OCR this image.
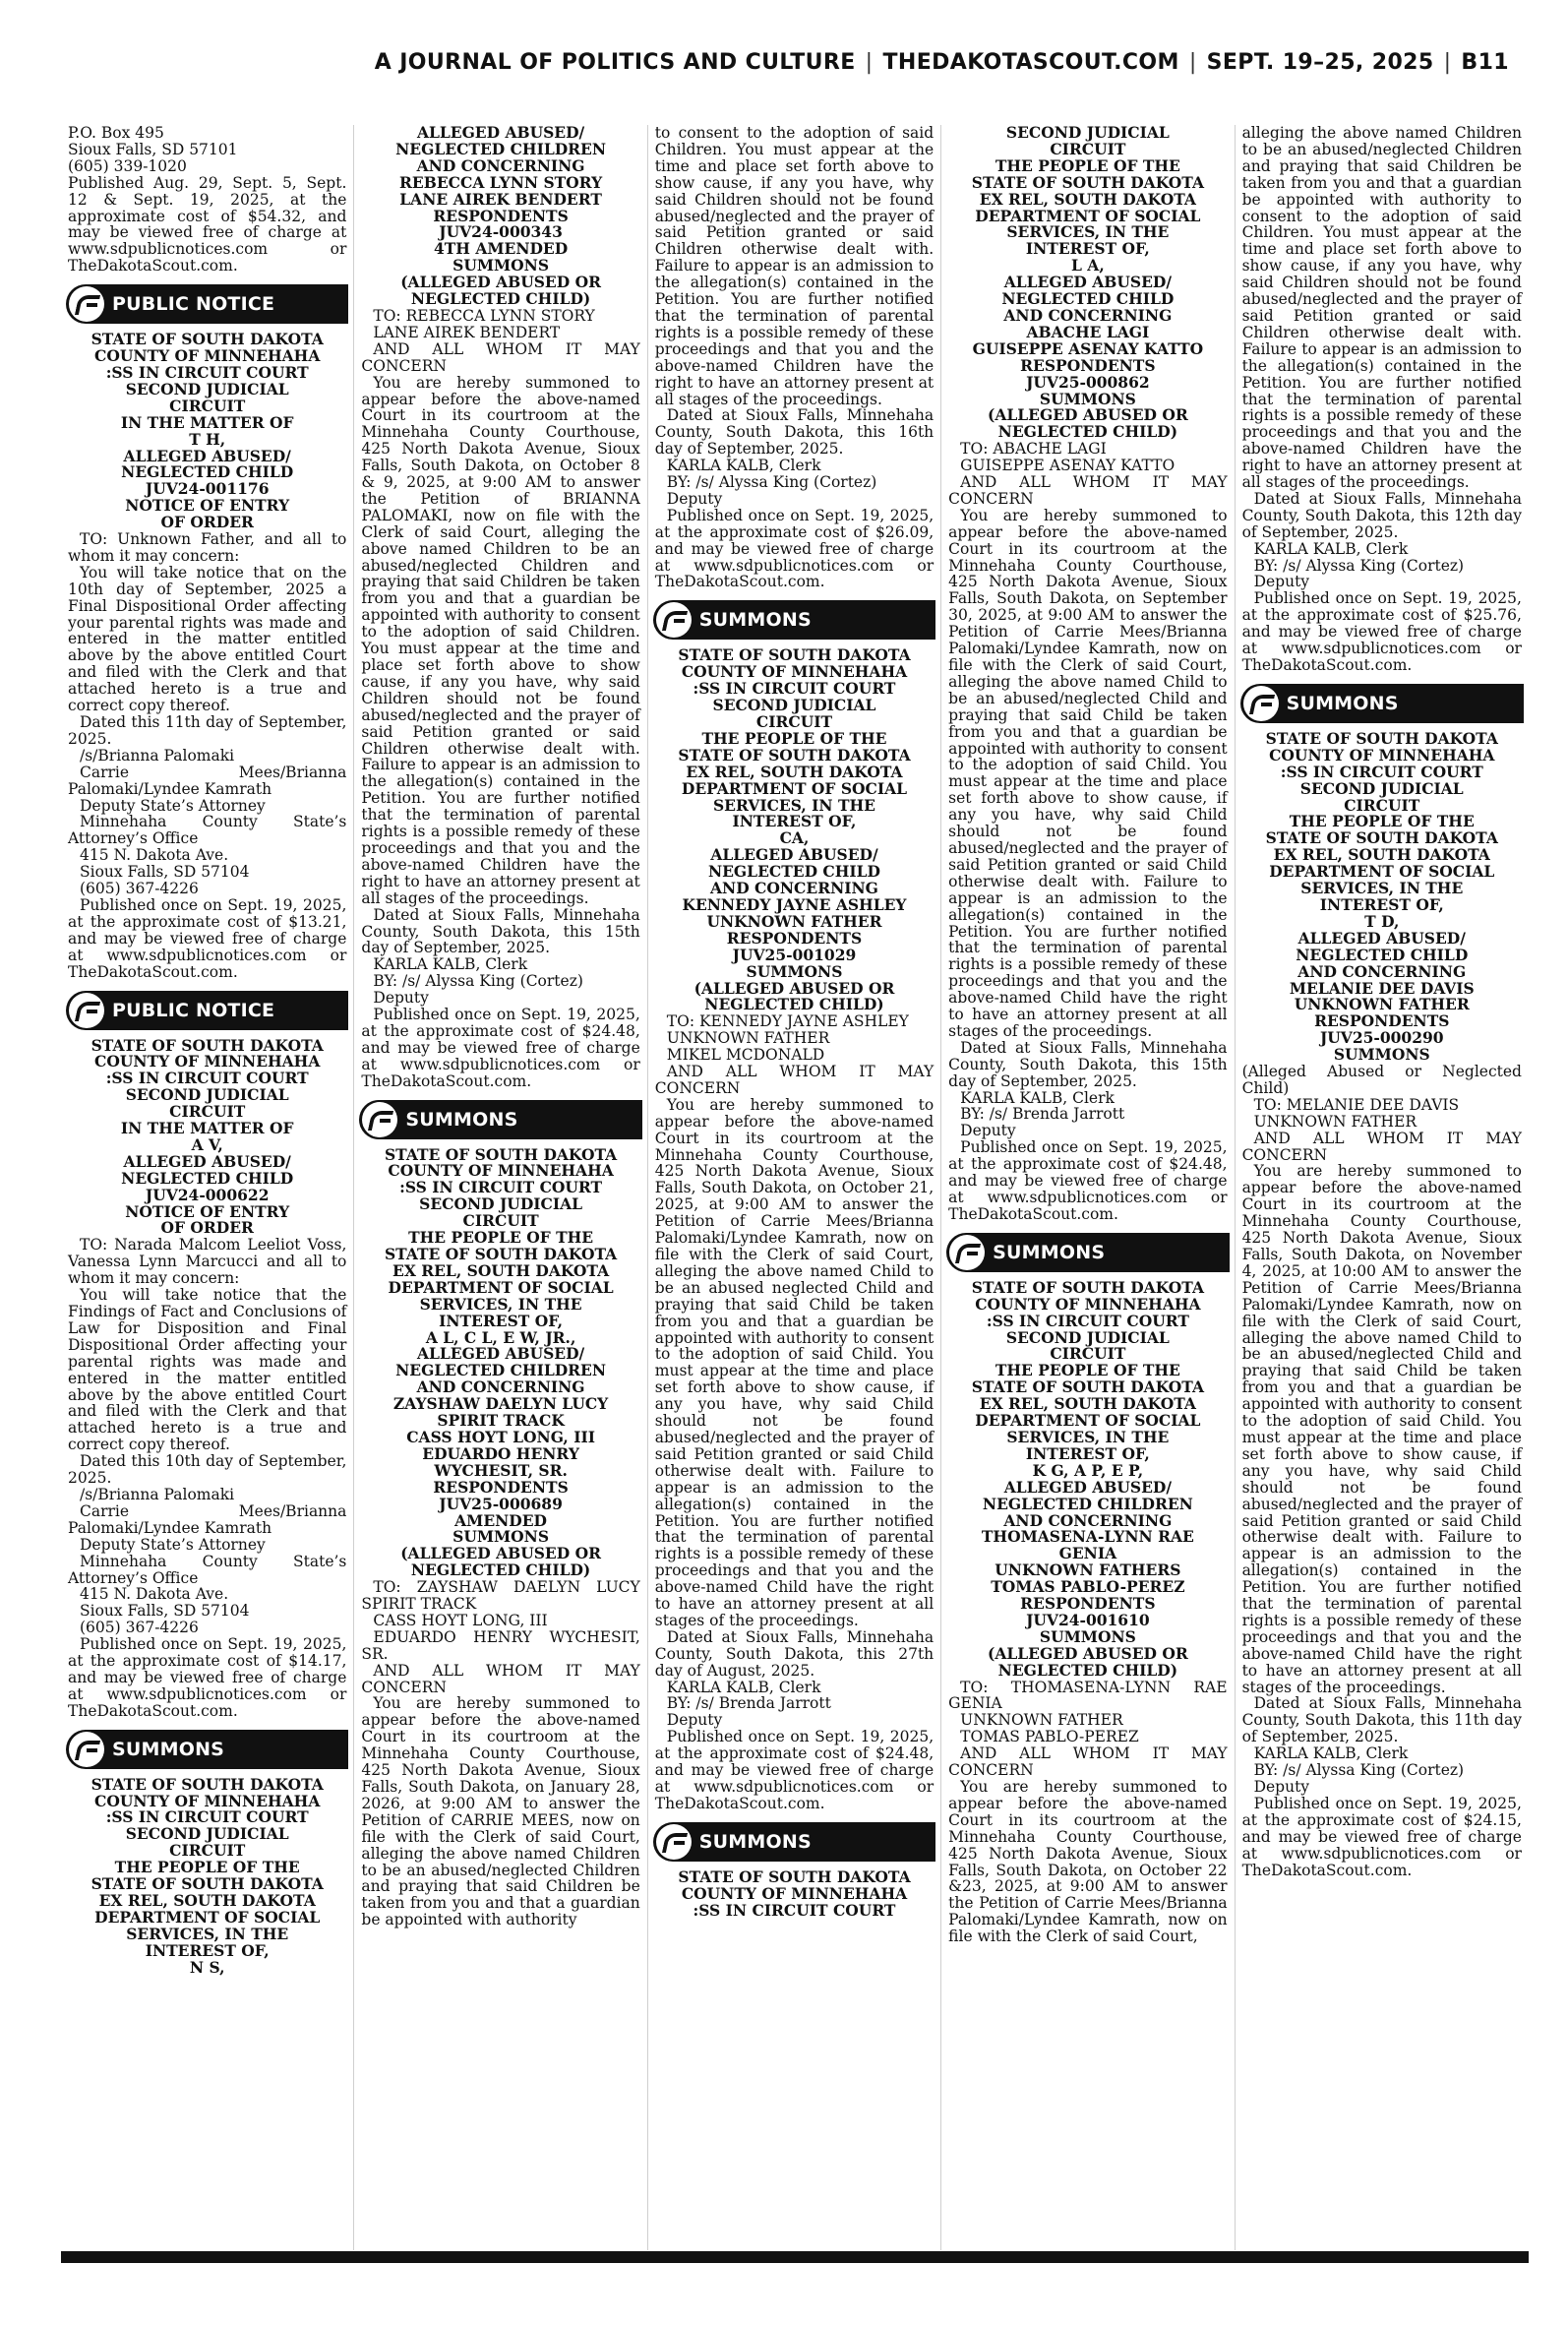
A JOURNAL OF POLITICS AND CULTURE | THEDAKOTASCOUT.COM | SEPT. 19–25, 2025 | B11
P.O. Box 495
Sioux Falls, SD 57101
(605) 339-1020
Published Aug. 29, Sept. 5, Sept. 12 & Sept. 19, 2025, at the approximate cost of $54.32, and may be viewed free of charge at www.sdpublicnotices.com or TheDakotaScout.com.
PUBLIC NOTICE
STATE OF SOUTH DAKOTA
COUNTY OF MINNEHAHA
:SS IN CIRCUIT COURT
SECOND JUDICIAL
CIRCUIT
IN THE MATTER OF
T H,
ALLEGED ABUSED/
NEGLECTED CHILD
JUV24-001176
NOTICE OF ENTRY
OF ORDER
TO: Unknown Father, and all to whom it may concern:
You will take notice that on the 10th day of September, 2025 a Final Dispositional Order affecting your parental rights was made and entered in the matter entitled above by the above entitled Court and filed with the Clerk and that attached hereto is a true and correct copy thereof.
Dated this 11th day of September, 2025.
/s/Brianna Palomaki
Carrie Mees/Brianna Palomaki/Lyndee Kamrath
Deputy State’s Attorney
Minnehaha County State’s Attorney’s Office
415 N. Dakota Ave.
Sioux Falls, SD 57104
(605) 367-4226
Published once on Sept. 19, 2025, at the approximate cost of $13.21, and may be viewed free of charge at www.sdpublicnotices.com or TheDakotaScout.com.
PUBLIC NOTICE
STATE OF SOUTH DAKOTA
COUNTY OF MINNEHAHA
:SS IN CIRCUIT COURT
SECOND JUDICIAL
CIRCUIT
IN THE MATTER OF
A V,
ALLEGED ABUSED/
NEGLECTED CHILD
JUV24-000622
NOTICE OF ENTRY
OF ORDER
TO: Narada Malcom Leeliot Voss, Vanessa Lynn Marcucci and all to whom it may concern:
You will take notice that the Findings of Fact and Conclusions of Law for Disposition and Final Dispositional Order affecting your parental rights was made and entered in the matter entitled above by the above entitled Court and filed with the Clerk and that attached hereto is a true and correct copy thereof.
Dated this 10th day of September, 2025.
/s/Brianna Palomaki
Carrie Mees/Brianna Palomaki/Lyndee Kamrath
Deputy State’s Attorney
Minnehaha County State’s Attorney’s Office
415 N. Dakota Ave.
Sioux Falls, SD 57104
(605) 367-4226
Published once on Sept. 19, 2025, at the approximate cost of $14.17, and may be viewed free of charge at www.sdpublicnotices.com or TheDakotaScout.com.
SUMMONS
STATE OF SOUTH DAKOTA
COUNTY OF MINNEHAHA
:SS IN CIRCUIT COURT
SECOND JUDICIAL
CIRCUIT
THE PEOPLE OF THE
STATE OF SOUTH DAKOTA
EX REL, SOUTH DAKOTA
DEPARTMENT OF SOCIAL
SERVICES, IN THE
INTEREST OF,
N S,
ALLEGED ABUSED/
NEGLECTED CHILDREN
AND CONCERNING
REBECCA LYNN STORY
LANE AIREK BENDERT
RESPONDENTS
JUV24-000343
4TH AMENDED
SUMMONS
(ALLEGED ABUSED OR
NEGLECTED CHILD)
TO: REBECCA LYNN STORY
LANE AIREK BENDERT
AND ALL WHOM IT MAY CONCERN
You are hereby summoned to appear before the above-named Court in its courtroom at the Minnehaha County Courthouse, 425 North Dakota Avenue, Sioux Falls, South Dakota, on October 8 & 9, 2025, at 9:00 AM to answer the Petition of BRIANNA PALOMAKI, now on file with the Clerk of said Court, alleging the above named Children to be an abused/neglected Children and praying that said Children be taken from you and that a guardian be appointed with authority to consent to the adoption of said Children. You must appear at the time and place set forth above to show cause, if any you have, why said Children should not be found abused/neglected and the prayer of said Petition granted or said Children otherwise dealt with. Failure to appear is an admission to the allegation(s) contained in the Petition. You are further notified that the termination of parental rights is a possible remedy of these proceedings and that you and the above-named Children have the right to have an attorney present at all stages of the proceedings.
Dated at Sioux Falls, Minnehaha County, South Dakota, this 15th day of September, 2025.
KARLA KALB, Clerk
BY: /s/ Alyssa King (Cortez)
Deputy
Published once on Sept. 19, 2025, at the approximate cost of $24.48, and may be viewed free of charge at www.sdpublicnotices.com or TheDakotaScout.com.
SUMMONS
STATE OF SOUTH DAKOTA
COUNTY OF MINNEHAHA
:SS IN CIRCUIT COURT
SECOND JUDICIAL
CIRCUIT
THE PEOPLE OF THE
STATE OF SOUTH DAKOTA
EX REL, SOUTH DAKOTA
DEPARTMENT OF SOCIAL
SERVICES, IN THE
INTEREST OF,
A L, C L, E W, JR.,
ALLEGED ABUSED/
NEGLECTED CHILDREN
AND CONCERNING
ZAYSHAW DAELYN LUCY
SPIRIT TRACK
CASS HOYT LONG, III
EDUARDO HENRY
WYCHESIT, SR.
RESPONDENTS
JUV25-000689
AMENDED
SUMMONS
(ALLEGED ABUSED OR
NEGLECTED CHILD)
TO: ZAYSHAW DAELYN LUCY SPIRIT TRACK
CASS HOYT LONG, III
EDUARDO HENRY WYCHESIT, SR.
AND ALL WHOM IT MAY CONCERN
You are hereby summoned to appear before the above-named Court in its courtroom at the Minnehaha County Courthouse, 425 North Dakota Avenue, Sioux Falls, South Dakota, on January 28, 2026, at 9:00 AM to answer the Petition of CARRIE MEES, now on file with the Clerk of said Court, alleging the above named Children to be an abused/neglected Children and praying that said Children be taken from you and that a guardian be appointed with authority
to consent to the adoption of said Children. You must appear at the time and place set forth above to show cause, if any you have, why said Children should not be found abused/neglected and the prayer of said Petition granted or said Children otherwise dealt with. Failure to appear is an admission to the allegation(s) contained in the Petition. You are further notified that the termination of parental rights is a possible remedy of these proceedings and that you and the above-named Children have the right to have an attorney present at all stages of the proceedings.
Dated at Sioux Falls, Minnehaha County, South Dakota, this 16th day of September, 2025.
KARLA KALB, Clerk
BY: /s/ Alyssa King (Cortez)
Deputy
Published once on Sept. 19, 2025, at the approximate cost of $26.09, and may be viewed free of charge at www.sdpublicnotices.com or TheDakotaScout.com.
SUMMONS
STATE OF SOUTH DAKOTA
COUNTY OF MINNEHAHA
:SS IN CIRCUIT COURT
SECOND JUDICIAL
CIRCUIT
THE PEOPLE OF THE
STATE OF SOUTH DAKOTA
EX REL, SOUTH DAKOTA
DEPARTMENT OF SOCIAL
SERVICES, IN THE
INTEREST OF,
CA,
ALLEGED ABUSED/
NEGLECTED CHILD
AND CONCERNING
KENNEDY JAYNE ASHLEY
UNKNOWN FATHER
RESPONDENTS
JUV25-001029
SUMMONS
(ALLEGED ABUSED OR
NEGLECTED CHILD)
TO: KENNEDY JAYNE ASHLEY
UNKNOWN FATHER
MIKEL MCDONALD
AND ALL WHOM IT MAY CONCERN
You are hereby summoned to appear before the above-named Court in its courtroom at the Minnehaha County Courthouse, 425 North Dakota Avenue, Sioux Falls, South Dakota, on October 21, 2025, at 9:00 AM to answer the Petition of Carrie Mees/Brianna Palomaki/Lyndee Kamrath, now on file with the Clerk of said Court, alleging the above named Child to be an abused neglected Child and praying that said Child be taken from you and that a guardian be appointed with authority to consent to the adoption of said Child. You must appear at the time and place set forth above to show cause, if any you have, why said Child should not be found abused/neglected and the prayer of said Petition granted or said Child otherwise dealt with. Failure to appear is an admission to the allegation(s) contained in the Petition. You are further notified that the termination of parental rights is a possible remedy of these proceedings and that you and the above-named Child have the right to have an attorney present at all stages of the proceedings.
Dated at Sioux Falls, Minnehaha County, South Dakota, this 27th day of August, 2025.
KARLA KALB, Clerk
BY: /s/ Brenda Jarrott
Deputy
Published once on Sept. 19, 2025, at the approximate cost of $24.48, and may be viewed free of charge at www.sdpublicnotices.com or TheDakotaScout.com.
SUMMONS
STATE OF SOUTH DAKOTA
COUNTY OF MINNEHAHA
:SS IN CIRCUIT COURT
SECOND JUDICIAL
CIRCUIT
THE PEOPLE OF THE
STATE OF SOUTH DAKOTA
EX REL, SOUTH DAKOTA
DEPARTMENT OF SOCIAL
SERVICES, IN THE
INTEREST OF,
L A,
ALLEGED ABUSED/
NEGLECTED CHILD
AND CONCERNING
ABACHE LAGI
GUISEPPE ASENAY KATTO
RESPONDENTS
JUV25-000862
SUMMONS
(ALLEGED ABUSED OR
NEGLECTED CHILD)
TO: ABACHE LAGI
GUISEPPE ASENAY KATTO
AND ALL WHOM IT MAY CONCERN
You are hereby summoned to appear before the above-named Court in its courtroom at the Minnehaha County Courthouse, 425 North Dakota Avenue, Sioux Falls, South Dakota, on September 30, 2025, at 9:00 AM to answer the Petition of Carrie Mees/Brianna Palomaki/Lyndee Kamrath, now on file with the Clerk of said Court, alleging the above named Child to be an abused/neglected Child and praying that said Child be taken from you and that a guardian be appointed with authority to consent to the adoption of said Child. You must appear at the time and place set forth above to show cause, if any you have, why said Child should not be found abused/neglected and the prayer of said Petition granted or said Child otherwise dealt with. Failure to appear is an admission to the allegation(s) contained in the Petition. You are further notified that the termination of parental rights is a possible remedy of these proceedings and that you and the above-named Child have the right to have an attorney present at all stages of the proceedings.
Dated at Sioux Falls, Minnehaha County, South Dakota, this 15th day of September, 2025.
KARLA KALB, Clerk
BY: /s/ Brenda Jarrott
Deputy
Published once on Sept. 19, 2025, at the approximate cost of $24.48, and may be viewed free of charge at www.sdpublicnotices.com or TheDakotaScout.com.
SUMMONS
STATE OF SOUTH DAKOTA
COUNTY OF MINNEHAHA
:SS IN CIRCUIT COURT
SECOND JUDICIAL
CIRCUIT
THE PEOPLE OF THE
STATE OF SOUTH DAKOTA
EX REL, SOUTH DAKOTA
DEPARTMENT OF SOCIAL
SERVICES, IN THE
INTEREST OF,
K G, A P, E P,
ALLEGED ABUSED/
NEGLECTED CHILDREN
AND CONCERNING
THOMASENA-LYNN RAE
GENIA
UNKNOWN FATHERS
TOMAS PABLO-PEREZ
RESPONDENTS
JUV24-001610
SUMMONS
(ALLEGED ABUSED OR
NEGLECTED CHILD)
TO: THOMASENA-LYNN RAE GENIA
UNKNOWN FATHER
TOMAS PABLO-PEREZ
AND ALL WHOM IT MAY CONCERN
You are hereby summoned to appear before the above-named Court in its courtroom at the Minnehaha County Courthouse, 425 North Dakota Avenue, Sioux Falls, South Dakota, on October 22 &23, 2025, at 9:00 AM to answer the Petition of Carrie Mees/Brianna Palomaki/Lyndee Kamrath, now on file with the Clerk of said Court,
alleging the above named Children to be an abused/neglected Children and praying that said Children be taken from you and that a guardian be appointed with authority to consent to the adoption of said Children. You must appear at the time and place set forth above to show cause, if any you have, why said Children should not be found abused/neglected and the prayer of said Petition granted or said Children otherwise dealt with. Failure to appear is an admission to the allegation(s) contained in the Petition. You are further notified that the termination of parental rights is a possible remedy of these proceedings and that you and the above-named Children have the right to have an attorney present at all stages of the proceedings.
Dated at Sioux Falls, Minnehaha County, South Dakota, this 12th day of September, 2025.
KARLA KALB, Clerk
BY: /s/ Alyssa King (Cortez)
Deputy
Published once on Sept. 19, 2025, at the approximate cost of $25.76, and may be viewed free of charge at www.sdpublicnotices.com or TheDakotaScout.com.
SUMMONS
STATE OF SOUTH DAKOTA
COUNTY OF MINNEHAHA
:SS IN CIRCUIT COURT
SECOND JUDICIAL
CIRCUIT
THE PEOPLE OF THE
STATE OF SOUTH DAKOTA
EX REL, SOUTH DAKOTA
DEPARTMENT OF SOCIAL
SERVICES, IN THE
INTEREST OF,
T D,
ALLEGED ABUSED/
NEGLECTED CHILD
AND CONCERNING
MELANIE DEE DAVIS
UNKNOWN FATHER
RESPONDENTS
JUV25-000290
SUMMONS
(Alleged Abused or Neglected Child)
TO: MELANIE DEE DAVIS
UNKNOWN FATHER
AND ALL WHOM IT MAY CONCERN
You are hereby summoned to appear before the above-named Court in its courtroom at the Minnehaha County Courthouse, 425 North Dakota Avenue, Sioux Falls, South Dakota, on November 4, 2025, at 10:00 AM to answer the Petition of Carrie Mees/Brianna Palomaki/Lyndee Kamrath, now on file with the Clerk of said Court, alleging the above named Child to be an abused/neglected Child and praying that said Child be taken from you and that a guardian be appointed with authority to consent to the adoption of said Child. You must appear at the time and place set forth above to show cause, if any you have, why said Child should not be found abused/neglected and the prayer of said Petition granted or said Child otherwise dealt with. Failure to appear is an admission to the allegation(s) contained in the Petition. You are further notified that the termination of parental rights is a possible remedy of these proceedings and that you and the above-named Child have the right to have an attorney present at all stages of the proceedings.
Dated at Sioux Falls, Minnehaha County, South Dakota, this 11th day of September, 2025.
KARLA KALB, Clerk
BY: /s/ Alyssa King (Cortez)
Deputy
Published once on Sept. 19, 2025, at the approximate cost of $24.15, and may be viewed free of charge at www.sdpublicnotices.com or TheDakotaScout.com.
